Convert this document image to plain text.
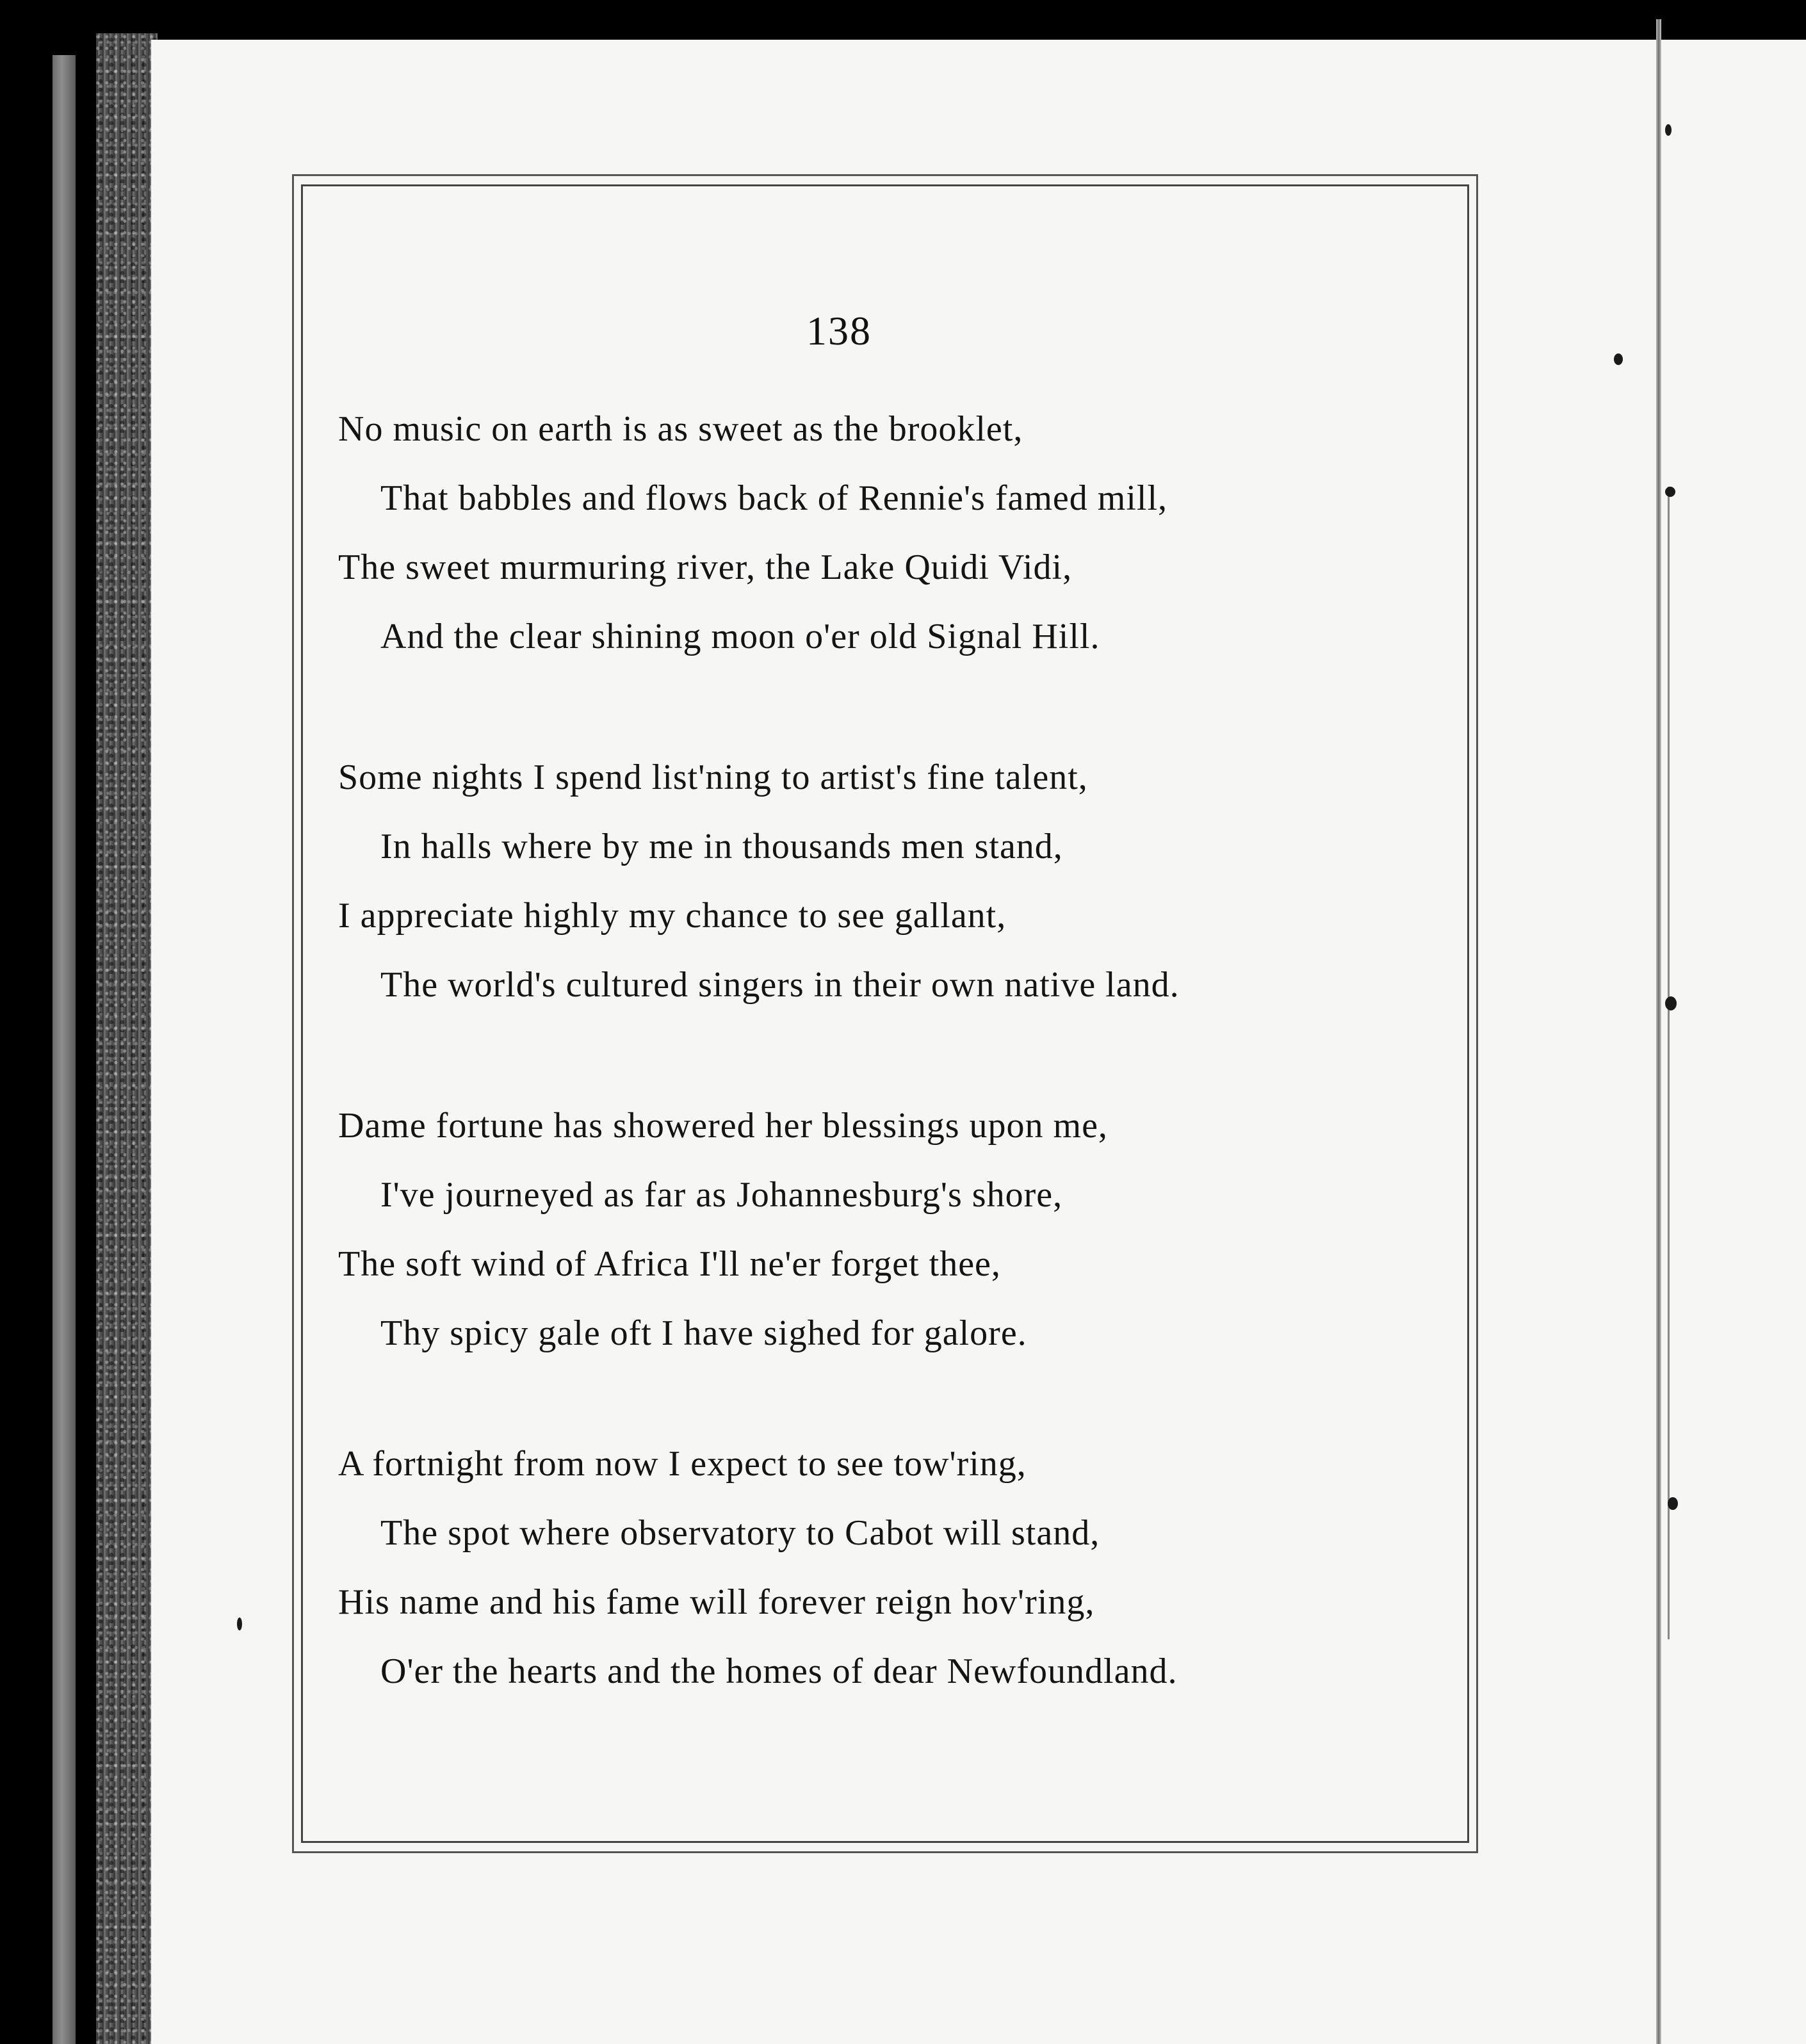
138
No music on earth is as sweet as the brooklet,
That babbles and flows back of Rennie's famed mill,
The sweet murmuring river, the Lake Quidi Vidi,
And the clear shining moon o'er old Signal Hill.
Some nights I spend list'ning to artist's fine talent,
In halls where by me in thousands men stand,
I appreciate highly my chance to see gallant,
The world's cultured singers in their own native land.
Dame fortune has showered her blessings upon me,
I've journeyed as far as Johannesburg's shore,
The soft wind of Africa I'll ne'er forget thee,
Thy spicy gale oft I have sighed for galore.
A fortnight from now I expect to see tow'ring,
The spot where observatory to Cabot will stand,
His name and his fame will forever reign hov'ring,
O'er the hearts and the homes of dear Newfoundland.
